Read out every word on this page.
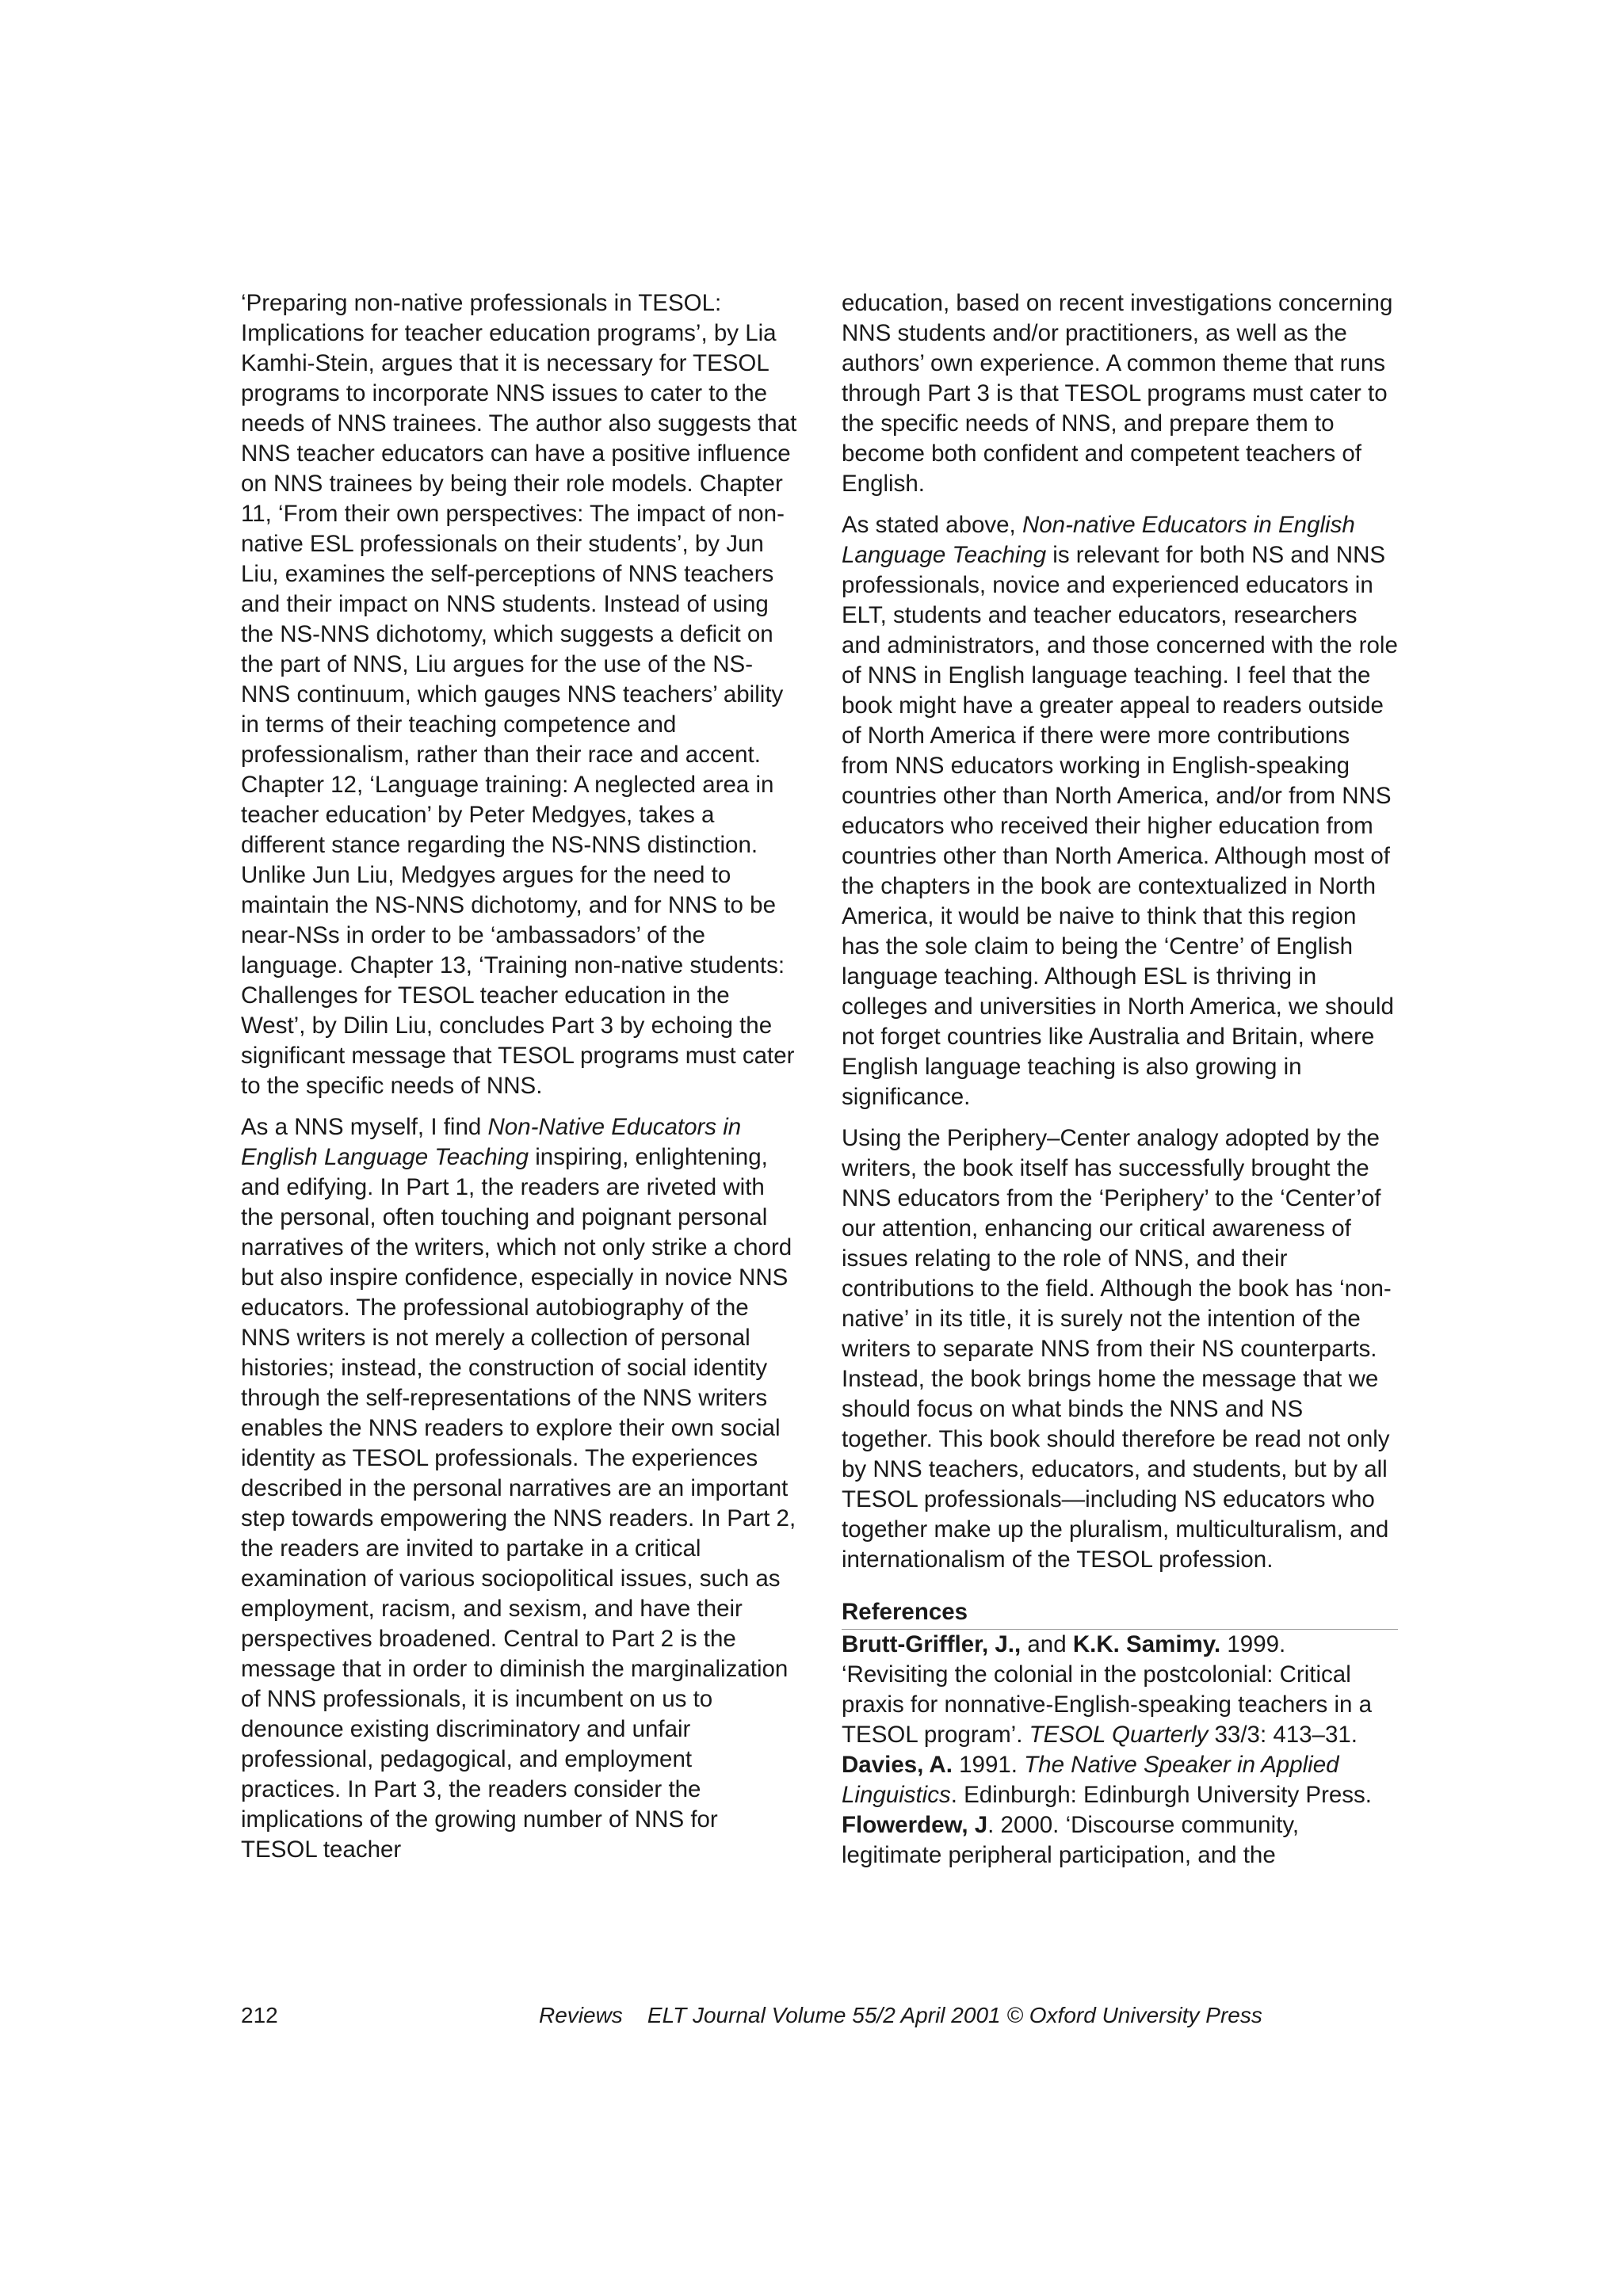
‘Preparing non-native professionals in TESOL: Implications for teacher education programs’, by Lia Kamhi-Stein, argues that it is necessary for TESOL programs to incorporate NNS issues to cater to the needs of NNS trainees. The author also suggests that NNS teacher educators can have a positive influence on NNS trainees by being their role models. Chapter 11, ‘From their own perspectives: The impact of non-native ESL professionals on their students’, by Jun Liu, examines the self-perceptions of NNS teachers and their impact on NNS students. Instead of using the NS-NNS dichotomy, which suggests a deficit on the part of NNS, Liu argues for the use of the NS-NNS continuum, which gauges NNS teachers’ ability in terms of their teaching competence and professionalism, rather than their race and accent. Chapter 12, ‘Language training: A neglected area in teacher education’ by Peter Medgyes, takes a different stance regarding the NS-NNS distinction. Unlike Jun Liu, Medgyes argues for the need to maintain the NS-NNS dichotomy, and for NNS to be near-NSs in order to be ‘ambassadors’ of the language. Chapter 13, ‘Training non-native students: Challenges for TESOL teacher education in the West’, by Dilin Liu, concludes Part 3 by echoing the significant message that TESOL programs must cater to the specific needs of NNS.

As a NNS myself, I find Non-Native Educators in English Language Teaching inspiring, enlightening, and edifying. In Part 1, the readers are riveted with the personal, often touching and poignant personal narratives of the writers, which not only strike a chord but also inspire confidence, especially in novice NNS educators. The professional autobiography of the NNS writers is not merely a collection of personal histories; instead, the construction of social identity through the self-representations of the NNS writers enables the NNS readers to explore their own social identity as TESOL professionals. The experiences described in the personal narratives are an important step towards empowering the NNS readers. In Part 2, the readers are invited to partake in a critical examination of various sociopolitical issues, such as employment, racism, and sexism, and have their perspectives broadened. Central to Part 2 is the message that in order to diminish the marginalization of NNS professionals, it is incumbent on us to denounce existing discriminatory and unfair professional, pedagogical, and employment practices. In Part 3, the readers consider the implications of the growing number of NNS for TESOL teacher

education, based on recent investigations concerning NNS students and/or practitioners, as well as the authors’ own experience. A common theme that runs through Part 3 is that TESOL programs must cater to the specific needs of NNS, and prepare them to become both confident and competent teachers of English.

As stated above, Non-native Educators in English Language Teaching is relevant for both NS and NNS professionals, novice and experienced educators in ELT, students and teacher educators, researchers and administrators, and those concerned with the role of NNS in English language teaching. I feel that the book might have a greater appeal to readers outside of North America if there were more contributions from NNS educators working in English-speaking countries other than North America, and/or from NNS educators who received their higher education from countries other than North America. Although most of the chapters in the book are contextualized in North America, it would be naive to think that this region has the sole claim to being the ‘Centre’ of English language teaching. Although ESL is thriving in colleges and universities in North America, we should not forget countries like Australia and Britain, where English language teaching is also growing in significance.

Using the Periphery–Center analogy adopted by the writers, the book itself has successfully brought the NNS educators from the ‘Periphery’ to the ‘Center’of our attention, enhancing our critical awareness of issues relating to the role of NNS, and their contributions to the field. Although the book has ‘non-native’ in its title, it is surely not the intention of the writers to separate NNS from their NS counterparts. Instead, the book brings home the message that we should focus on what binds the NNS and NS together. This book should therefore be read not only by NNS teachers, educators, and students, but by all TESOL professionals—including NS educators who together make up the pluralism, multiculturalism, and internationalism of the TESOL profession.

References

Brutt-Griffler, J., and K.K. Samimy. 1999. ‘Revisiting the colonial in the postcolonial: Critical praxis for nonnative-English-speaking teachers in a TESOL program’. TESOL Quarterly 33/3: 413–31.

Davies, A. 1991. The Native Speaker in Applied Linguistics. Edinburgh: Edinburgh University Press.

Flowerdew, J. 2000. ‘Discourse community, legitimate peripheral participation, and the

212	Reviews    ELT Journal Volume 55/2 April 2001 © Oxford University Press
